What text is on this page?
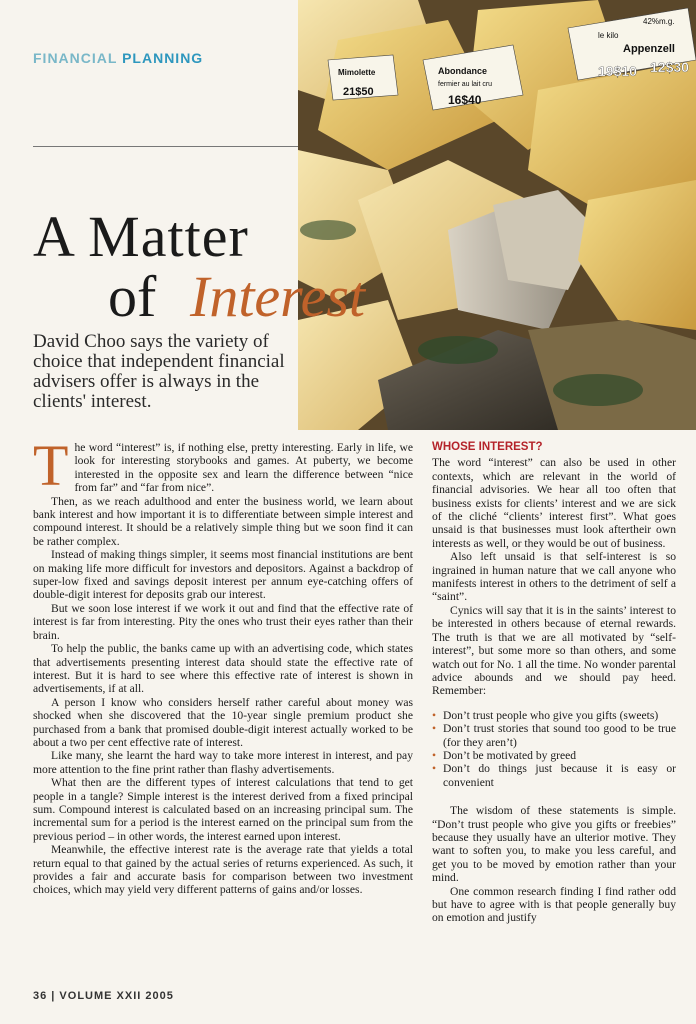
FINANCIAL PLANNING
le kilo
Appenzell
42%m.g.
19$10 12$30
Abondance
fermier au lait cru
16$40
Mimolette
21$50
A Matter
of Interest
David Choo says the variety of choice that independent financial advisers offer is always in the clients' interest.
T he word “interest” is, if nothing else, pretty interesting. Early in life, we look for interesting storybooks and games. At puberty, we become interested in the opposite sex and learn the difference between “nice from far” and “far from nice”.

Then, as we reach adulthood and enter the business world, we learn about bank interest and how important it is to differentiate between simple interest and compound interest. It should be a relatively simple thing but we soon find it can be rather complex.

Instead of making things simpler, it seems most financial institutions are bent on making life more difficult for investors and depositors. Against a backdrop of super-low fixed and savings deposit interest per annum eye-catching offers of double-digit interest for deposits grab our interest.

But we soon lose interest if we work it out and find that the effective rate of interest is far from interesting. Pity the ones who trust their eyes rather than their brain.

To help the public, the banks came up with an advertising code, which states that advertisements presenting interest data should state the effective rate of interest. But it is hard to see where this effective rate of interest is shown in advertisements, if at all.

A person I know who considers herself rather careful about money was shocked when she discovered that the 10-year single premium product she purchased from a bank that promised double-digit interest actually worked to be about a two per cent effective rate of interest.

Like many, she learnt the hard way to take more interest in interest, and pay more attention to the fine print rather than flashy advertisements.

What then are the different types of interest calculations that tend to get people in a tangle? Simple interest is the interest derived from a fixed principal sum. Compound interest is calculated based on an increasing principal sum. The incremental sum for a period is the interest earned on the principal sum from the previous period – in other words, the interest earned upon interest.

Meanwhile, the effective interest rate is the average rate that yields a total return equal to that gained by the actual series of returns experienced. As such, it provides a fair and accurate basis for comparison between two investment choices, which may yield very different patterns of gains and/or losses.

WHOSE INTEREST?

The word “interest” can also be used in other contexts, which are relevant in the world of financial advisories. We hear all too often that business exists for clients’ interest and we are sick of the cliché “clients’ interest first”. What goes unsaid is that businesses must look aftertheir own interests as well, or they would be out of business.

Also left unsaid is that self-interest is so ingrained in human nature that we call anyone who manifests interest in others to the detriment of self a “saint”.

Cynics will say that it is in the saints’ interest to be interested in others because of eternal rewards. The truth is that we are all motivated by “self-interest”, but some more so than others, and some watch out for No. 1 all the time. No wonder parental advice abounds and we should pay heed. Remember:

• Don’t trust people who give you gifts (sweets)
• Don’t trust stories that sound too good to be true (for they aren’t)
• Don’t be motivated by greed
• Don’t do things just because it is easy or convenient

The wisdom of these statements is simple. “Don’t trust people who give you gifts or freebies” because they usually have an ulterior motive. They want to soften you, to make you less careful, and get you to be moved by emotion rather than your mind.

One common research finding I find rather odd but have to agree with is that people generally buy on emotion and justify

36 | VOLUME XXII 2005
